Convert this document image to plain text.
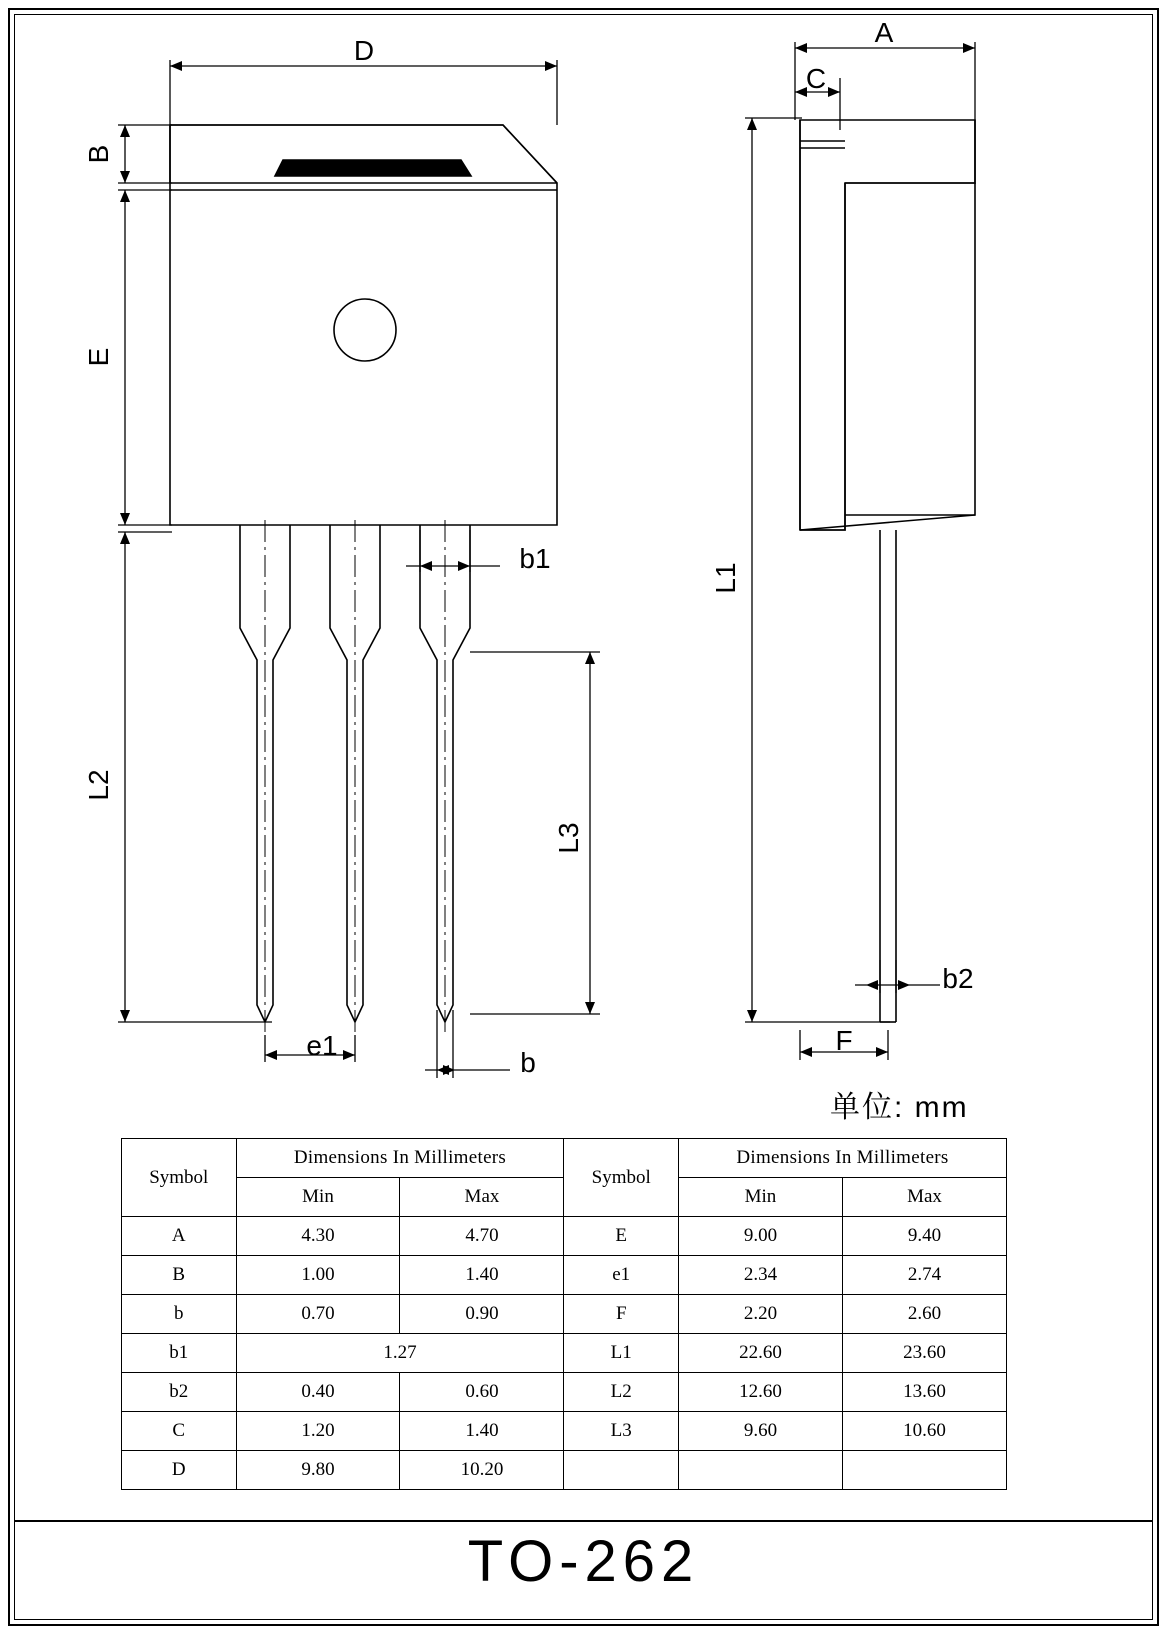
D
B
E
L2
L3
b1
b
e1
A
C
L1
b2
F
单位: mm
Symbol	Dimensions In Millimeters		Symbol	Dimensions In Millimeters	
	Min	Max		Min	Max
A	4.30	4.70	E	9.00	9.40
B	1.00	1.40	e1	2.34	2.74
b	0.70	0.90	F	2.20	2.60
b1	1.27		L1	22.60	23.60
b2	0.40	0.60	L2	12.60	13.60
C	1.20	1.40	L3	9.60	10.60
D	9.80	10.20			
TO-262
